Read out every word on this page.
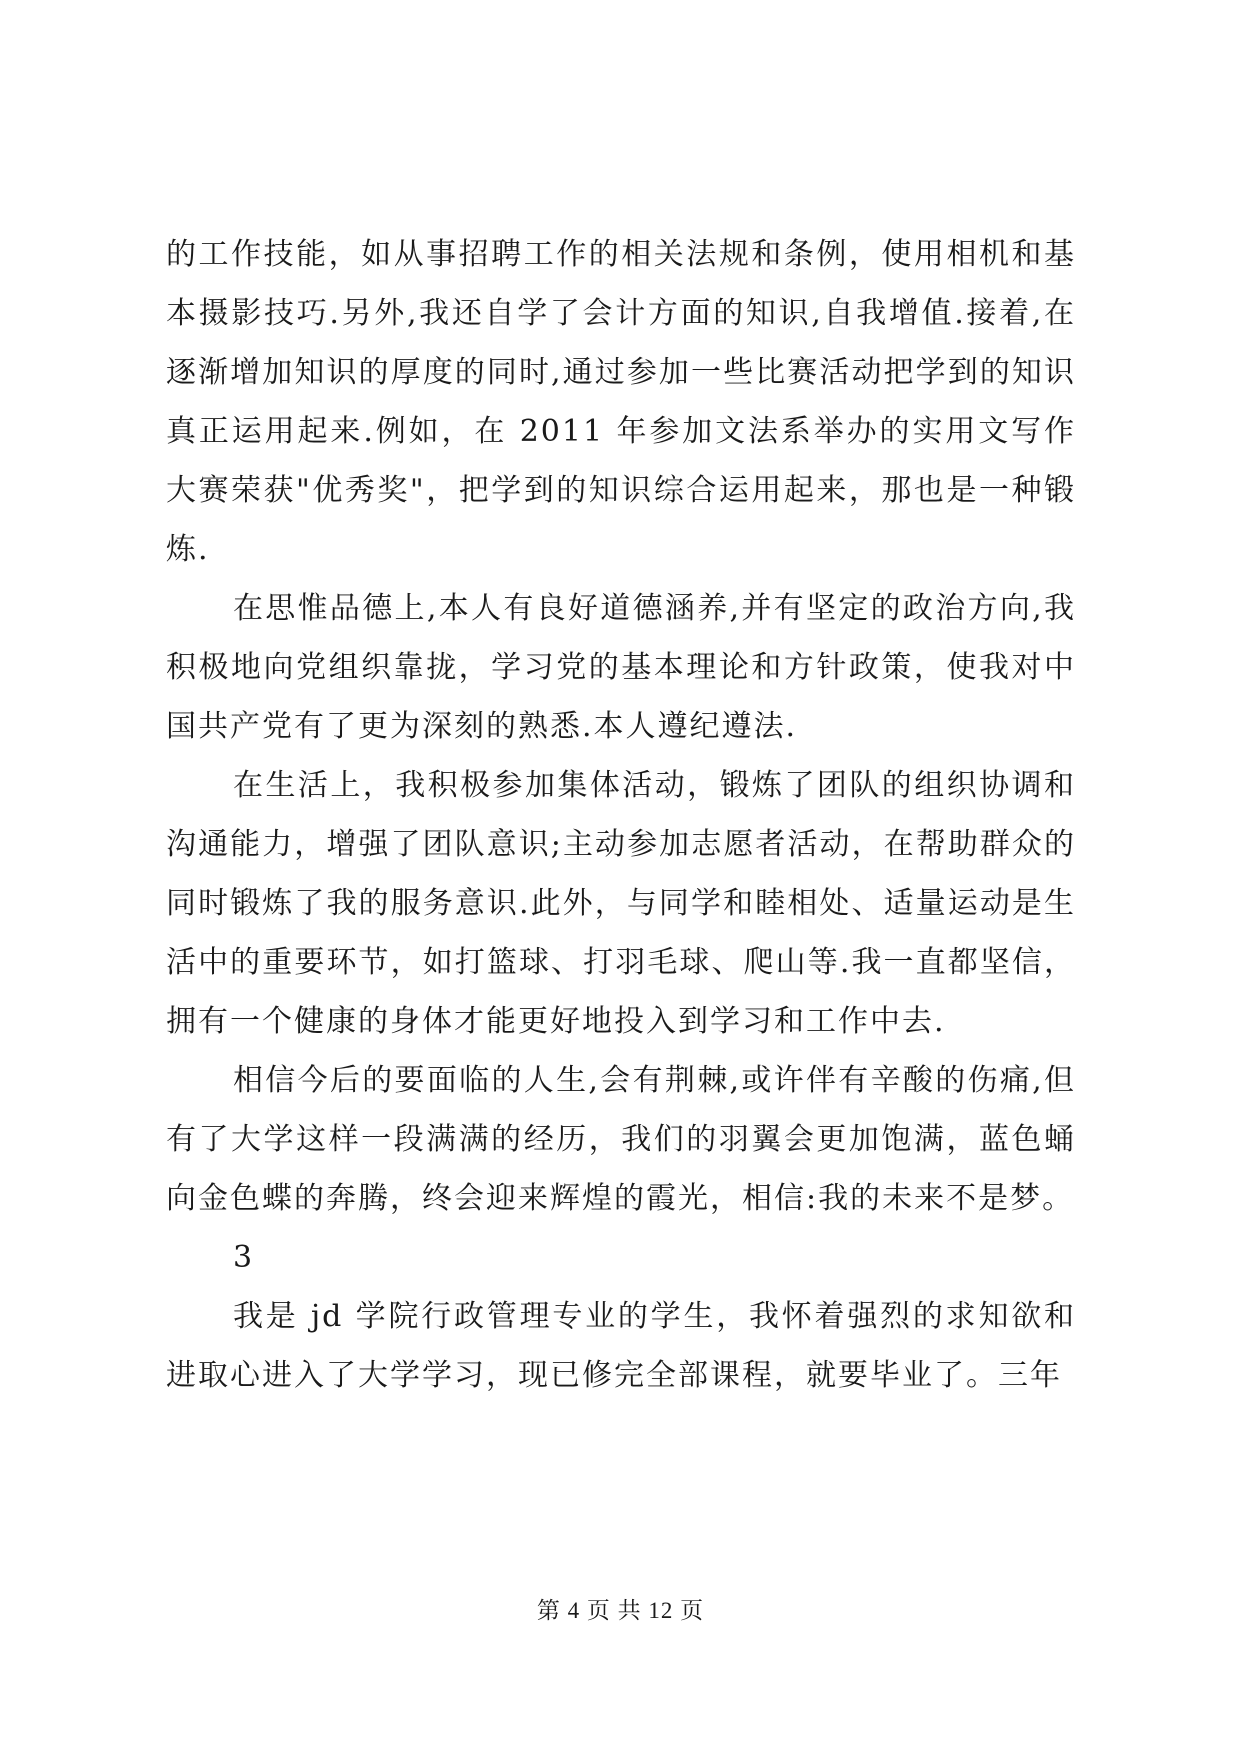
的工作技能，如从事招聘工作的相关法规和条例，使用相机和基本摄影技巧.另外,我还自学了会计方面的知识,自我增值.接着,在逐渐增加知识的厚度的同时,通过参加一些比赛活动把学到的知识真正运用起来.例如，在 2011 年参加文法系举办的实用文写作大赛荣获"优秀奖"，把学到的知识综合运用起来，那也是一种锻炼.

在思惟品德上,本人有良好道德涵养,并有坚定的政治方向,我积极地向党组织靠拢，学习党的基本理论和方针政策，使我对中国共产党有了更为深刻的熟悉.本人遵纪遵法.

在生活上，我积极参加集体活动，锻炼了团队的组织协调和沟通能力，增强了团队意识;主动参加志愿者活动，在帮助群众的同时锻炼了我的服务意识.此外，与同学和睦相处、适量运动是生活中的重要环节，如打篮球、打羽毛球、爬山等.我一直都坚信，拥有一个健康的身体才能更好地投入到学习和工作中去.

相信今后的要面临的人生,会有荆棘,或许伴有辛酸的伤痛,但有了大学这样一段满满的经历，我们的羽翼会更加饱满，蓝色蛹向金色蝶的奔腾，终会迎来辉煌的霞光，相信:我的未来不是梦。

3

我是 jd 学院行政管理专业的学生，我怀着强烈的求知欲和进取心进入了大学学习，现已修完全部课程，就要毕业了。三年

第 4 页 共 12 页
